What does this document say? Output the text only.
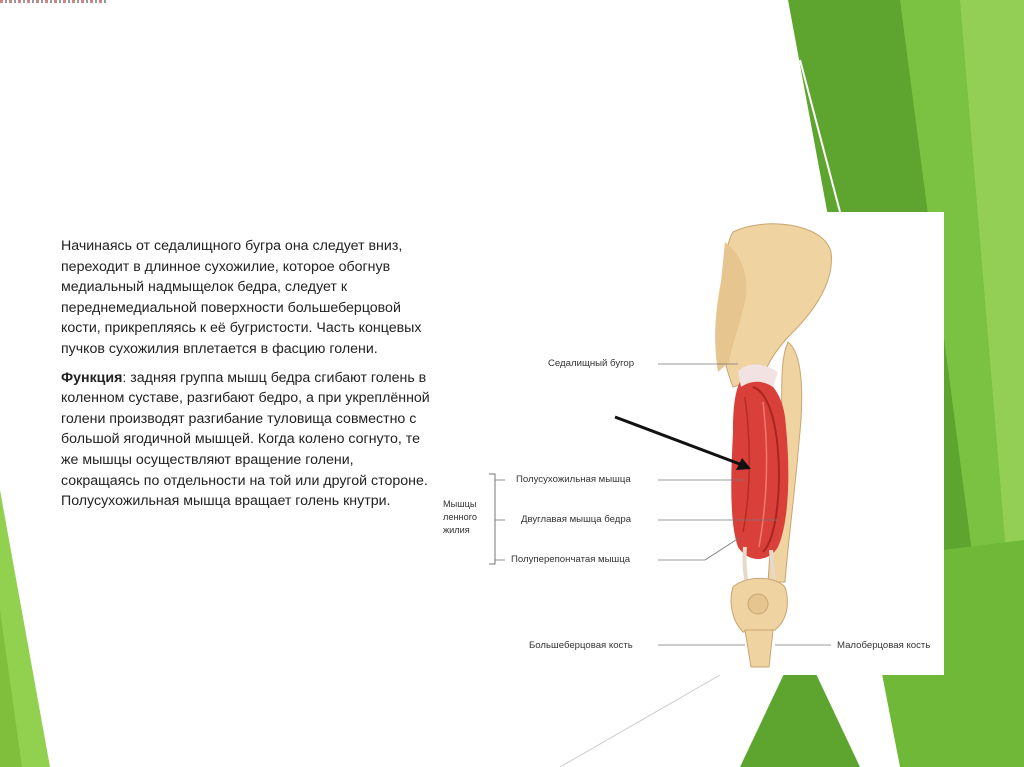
Начинаясь от седалищного бугра она следует вниз, переходит в длинное сухожилие, которое обогнув медиальный надмыщелок бедра, следует к переднемедиальной поверхности большеберцовой кости, прикрепляясь к её бугристости. Часть концевых пучков сухожилия вплетается в фасцию голени.

Функция: задняя группа мышц бедра сгибают голень в коленном суставе, разгибают бедро, а при укреплённой голени производят разгибание туловища совместно с большой ягодичной мышцей. Когда колено согнуто, те же мышцы осуществляют вращение голени, сокращаясь по отдельности на той или другой стороне. Полусухожильная мышца вращает голень кнутри.

Седалищный бугор
Полусухожильная мышца
Двуглавая мышца бедра
Полуперепончатая мышца
Большеберцовая кость	Малоберцовая кость
Мышцы
ленного
жилия
